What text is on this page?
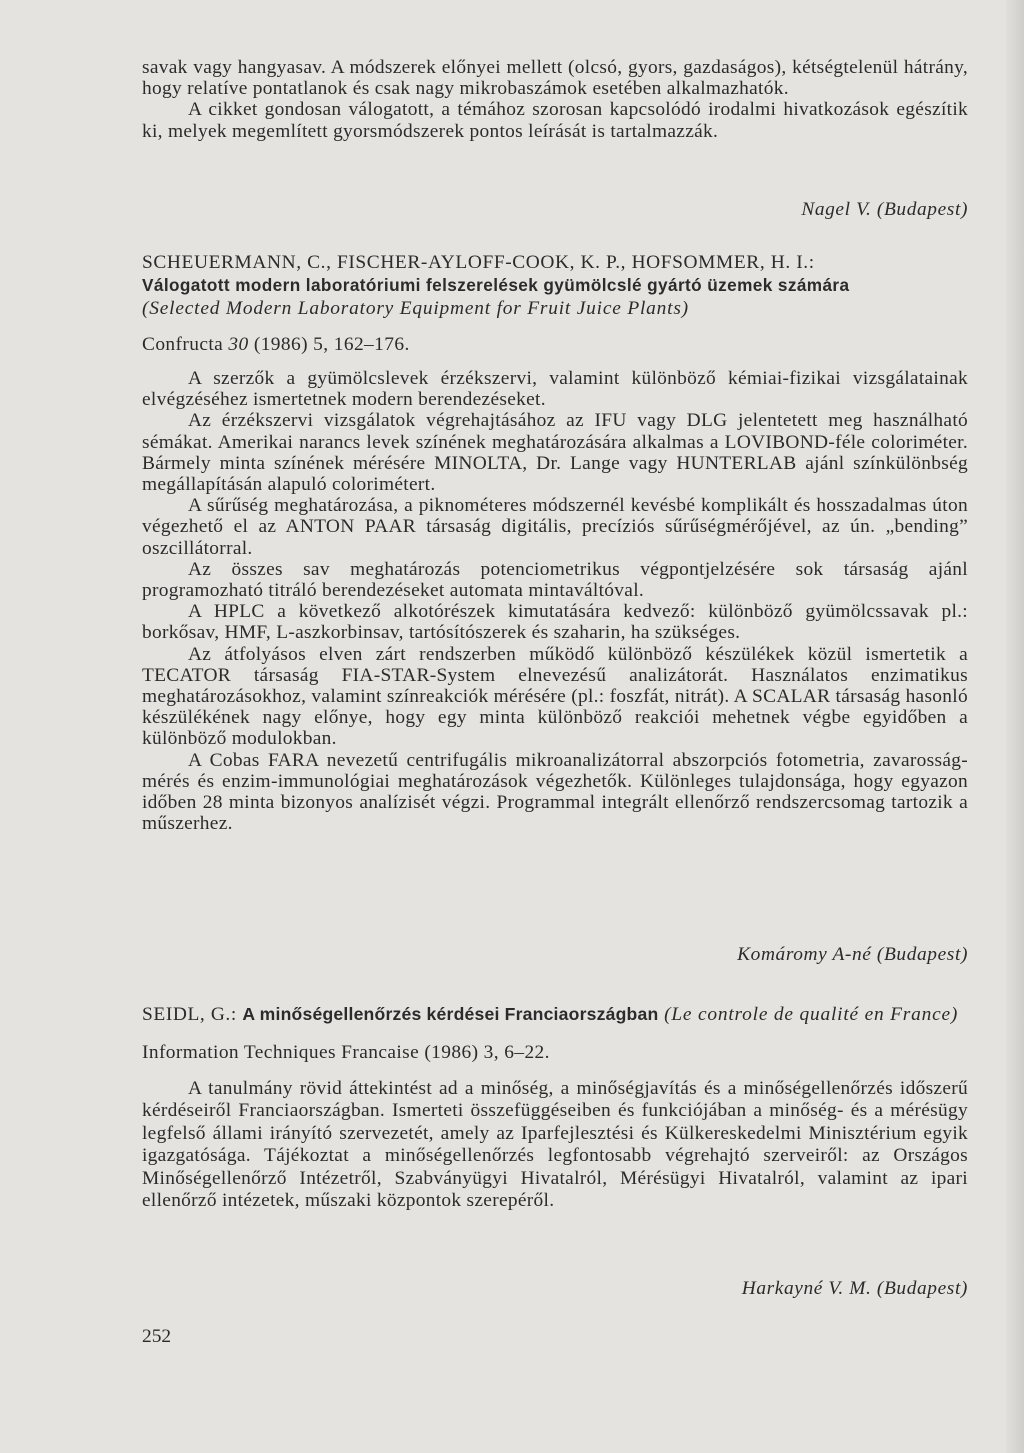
savak vagy hangyasav. A módszerek előnyei mellett (olcsó, gyors, gazdaságos), kétségtelenül hátrány, hogy relatíve pontatlanok és csak nagy mikrobaszámok esetében alkalmazhatók.

A cikket gondosan válogatott, a témához szorosan kapcsolódó irodalmi hivatkozások egészítik ki, melyek megemlített gyorsmódszerek pontos leírását is tartalmazzák.

Nagel V. (Budapest)

SCHEUERMANN, C., FISCHER-AYLOFF-COOK, K. P., HOFSOMMER, H. I.:

Válogatott modern laboratóriumi felszerelések gyümölcslé gyártó üzemek számára

(Selected Modern Laboratory Equipment for Fruit Juice Plants)

Confructa 30 (1986) 5, 162–176.

A szerzők a gyümölcslevek érzékszervi, valamint különböző kémiai-fizikai vizsgálatainak elvégzéséhez ismertetnek modern berendezéseket.

Az érzékszervi vizsgálatok végrehajtásához az IFU vagy DLG jelentetett meg használható sémákat. Amerikai narancs levek színének meghatározására alkalmas a LOVIBOND-féle coloriméter. Bármely minta színének mérésére MINOLTA, Dr. Lange vagy HUNTERLAB ajánl színkülönbség megállapításán alapuló colorimétert.

A sűrűség meghatározása, a piknométeres módszernél kevésbé komplikált és hosszadalmas úton végezhető el az ANTON PAAR társaság digitális, precíziós sűrűségmérőjével, az ún. „bending” oszcillátorral.

Az összes sav meghatározás potenciometrikus végpontjelzésére sok társaság ajánl programozható titráló berendezéseket automata mintaváltóval.

A HPLC a következő alkotórészek kimutatására kedvező: különböző gyümölcssavak pl.: borkősav, HMF, L-aszkorbinsav, tartósítószerek és szaharin, ha szükséges.

Az átfolyásos elven zárt rendszerben működő különböző készülékek közül ismertetik a TECATOR társaság FIA-STAR-System elnevezésű analizátorát. Használatos enzimatikus meghatározásokhoz, valamint színreakciók mérésére (pl.: foszfát, nitrát). A SCALAR társaság hasonló készülékének nagy előnye, hogy egy minta különböző reakciói mehetnek végbe egyidőben a különböző modulokban.

A Cobas FARA nevezetű centrifugális mikroanalizátorral abszorpciós fotometria, zavarosság-mérés és enzim-immunológiai meghatározások végezhetők. Különleges tulajdonsága, hogy egyazon időben 28 minta bizonyos analízisét végzi. Programmal integrált ellenőrző rendszercsomag tartozik a műszerhez.

Komáromy A-né (Budapest)

SEIDL, G.: A minőségellenőrzés kérdései Franciaországban (Le controle de qualité en France)

Information Techniques Francaise (1986) 3, 6–22.

A tanulmány rövid áttekintést ad a minőség, a minőségjavítás és a minőségellenőrzés időszerű kérdéseiről Franciaországban. Ismerteti összefüggéseiben és funkciójában a minőség- és a mérésügy legfelső állami irányító szervezetét, amely az Iparfejlesztési és Külkereskedelmi Minisztérium egyik igazgatósága. Tájékoztat a minőségellenőrzés legfontosabb végrehajtó szerveiről: az Országos Minőségellenőrző Intézetről, Szabványügyi Hivatalról, Mérésügyi Hivatalról, valamint az ipari ellenőrző intézetek, műszaki központok szerepéről.

Harkayné V. M. (Budapest)
252
